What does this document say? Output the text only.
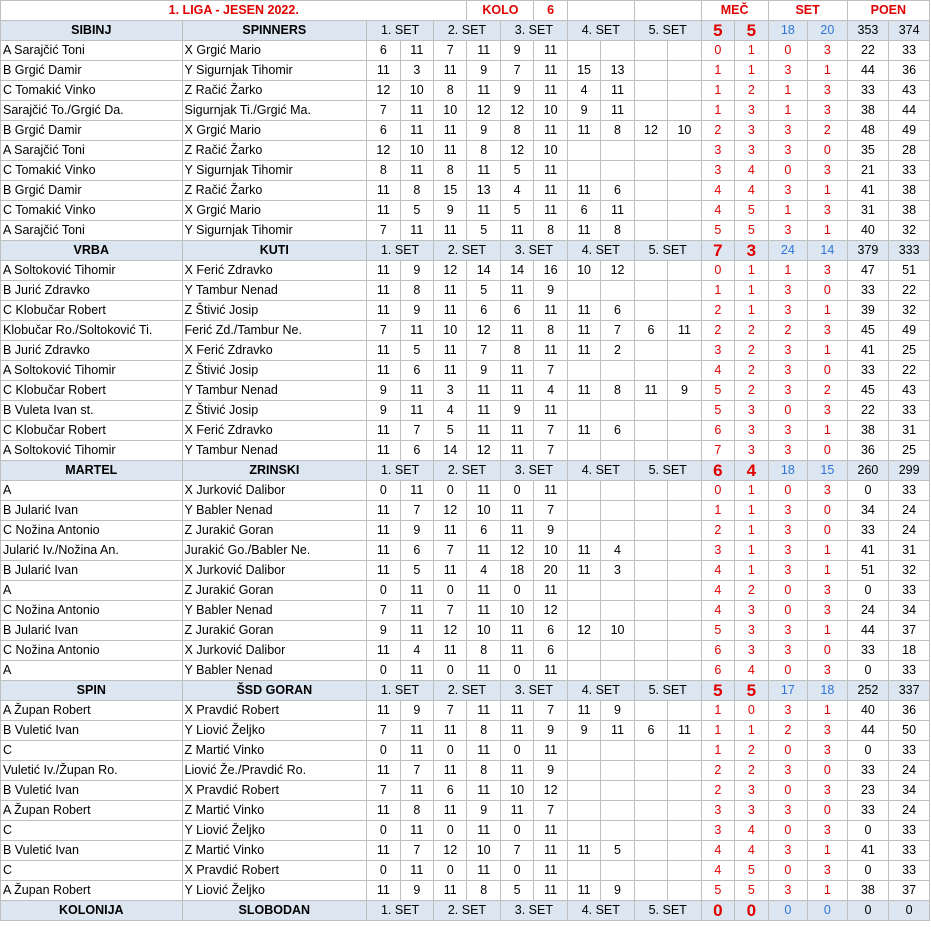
1. LIGA - JESEN 2022.					KOLO		6					MEČ		SET		POEN	
SIBINJ	SPINNERS	1. SET		2. SET		3. SET		4. SET		5. SET		5	5	18	20	353	374
A Sarajčić Toni	X Grgić Mario	6	11	7	11	9	11					0	1	0	3	22	33
B Grgić Damir	Y Sigurnjak Tihomir	11	3	11	9	7	11	15	13			1	1	3	1	44	36
C Tomakić Vinko	Z Račić Žarko	12	10	8	11	9	11	4	11			1	2	1	3	33	43
Sarajčić To./Grgić Da.	Sigurnjak Ti./Grgić Ma.	7	11	10	12	12	10	9	11			1	3	1	3	38	44
B Grgić Damir	X Grgić Mario	6	11	11	9	8	11	11	8	12	10	2	3	3	2	48	49
A Sarajčić Toni	Z Račić Žarko	12	10	11	8	12	10					3	3	3	0	35	28
C Tomakić Vinko	Y Sigurnjak Tihomir	8	11	8	11	5	11					3	4	0	3	21	33
B Grgić Damir	Z Račić Žarko	11	8	15	13	4	11	11	6			4	4	3	1	41	38
C Tomakić Vinko	X Grgić Mario	11	5	9	11	5	11	6	11			4	5	1	3	31	38
A Sarajčić Toni	Y Sigurnjak Tihomir	7	11	11	5	11	8	11	8			5	5	3	1	40	32
VRBA	KUTI	1. SET		2. SET		3. SET		4. SET		5. SET		7	3	24	14	379	333
A Soltoković Tihomir	X Ferić Zdravko	11	9	12	14	14	16	10	12			0	1	1	3	47	51
B Jurić Zdravko	Y Tambur Nenad	11	8	11	5	11	9					1	1	3	0	33	22
C Klobučar Robert	Z Štivić Josip	11	9	11	6	6	11	11	6			2	1	3	1	39	32
Klobučar Ro./Soltoković Ti.	Ferić Zd./Tambur Ne.	7	11	10	12	11	8	11	7	6	11	2	2	2	3	45	49
B Jurić Zdravko	X Ferić Zdravko	11	5	11	7	8	11	11	2			3	2	3	1	41	25
A Soltoković Tihomir	Z Štivić Josip	11	6	11	9	11	7					4	2	3	0	33	22
C Klobučar Robert	Y Tambur Nenad	9	11	3	11	11	4	11	8	11	9	5	2	3	2	45	43
B Vuleta Ivan st.	Z Štivić Josip	9	11	4	11	9	11					5	3	0	3	22	33
C Klobučar Robert	X Ferić Zdravko	11	7	5	11	11	7	11	6			6	3	3	1	38	31
A Soltoković Tihomir	Y Tambur Nenad	11	6	14	12	11	7					7	3	3	0	36	25
MARTEL	ZRINSKI	1. SET		2. SET		3. SET		4. SET		5. SET		6	4	18	15	260	299
A	X Jurković Dalibor	0	11	0	11	0	11					0	1	0	3	0	33
B Jularić Ivan	Y Babler Nenad	11	7	12	10	11	7					1	1	3	0	34	24
C Nožina Antonio	Z Jurakić Goran	11	9	11	6	11	9					2	1	3	0	33	24
Jularić Iv./Nožina An.	Jurakić Go./Babler Ne.	11	6	7	11	12	10	11	4			3	1	3	1	41	31
B Jularić Ivan	X Jurković Dalibor	11	5	11	4	18	20	11	3			4	1	3	1	51	32
A	Z Jurakić Goran	0	11	0	11	0	11					4	2	0	3	0	33
C Nožina Antonio	Y Babler Nenad	7	11	7	11	10	12					4	3	0	3	24	34
B Jularić Ivan	Z Jurakić Goran	9	11	12	10	11	6	12	10			5	3	3	1	44	37
C Nožina Antonio	X Jurković Dalibor	11	4	11	8	11	6					6	3	3	0	33	18
A	Y Babler Nenad	0	11	0	11	0	11					6	4	0	3	0	33
SPIN	ŠSD GORAN	1. SET		2. SET		3. SET		4. SET		5. SET		5	5	17	18	252	337
A Župan Robert	X Pravdić Robert	11	9	7	11	11	7	11	9			1	0	3	1	40	36
B Vuletić Ivan	Y Liović Željko	7	11	11	8	11	9	9	11	6	11	1	1	2	3	44	50
C	Z Martić Vinko	0	11	0	11	0	11					1	2	0	3	0	33
Vuletić Iv./Župan Ro.	Liović Že./Pravdić Ro.	11	7	11	8	11	9					2	2	3	0	33	24
B Vuletić Ivan	X Pravdić Robert	7	11	6	11	10	12					2	3	0	3	23	34
A Župan Robert	Z Martić Vinko	11	8	11	9	11	7					3	3	3	0	33	24
C	Y Liović Željko	0	11	0	11	0	11					3	4	0	3	0	33
B Vuletić Ivan	Z Martić Vinko	11	7	12	10	7	11	11	5			4	4	3	1	41	33
C	X Pravdić Robert	0	11	0	11	0	11					4	5	0	3	0	33
A Župan Robert	Y Liović Željko	11	9	11	8	5	11	11	9			5	5	3	1	38	37
KOLONIJA	SLOBODAN	1. SET		2. SET		3. SET		4. SET		5. SET		0	0	0	0	0	0
